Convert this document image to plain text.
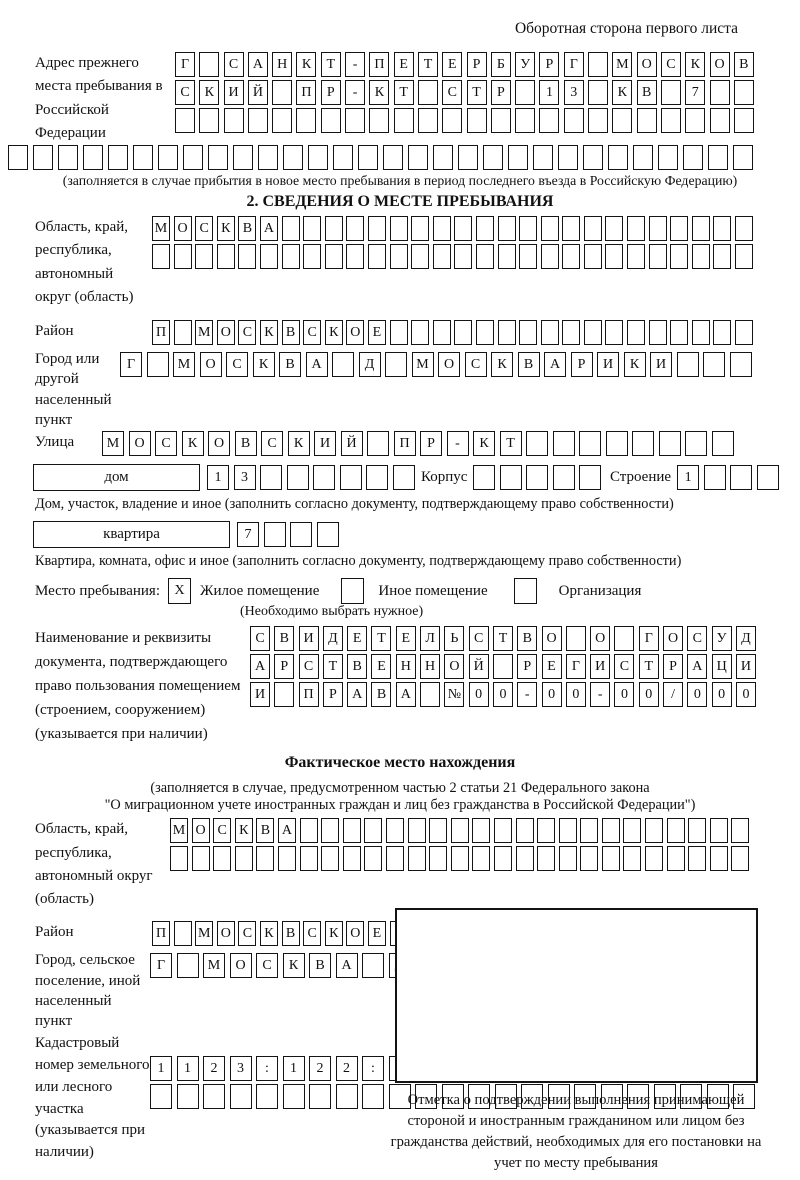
Оборотная сторона первого листа
Адрес прежнего места пребывания в Российской Федерации
Г	С А Н К Т - П Е Т Е Р Б У Р Г	М О С К О В
С К И Й	П Р - К Т	С Т Р	1 3	К В	7
(заполняется в случае прибытия в новое место пребывания в период последнего въезда в Российскую Федерацию)
2. СВЕДЕНИЯ О МЕСТЕ ПРЕБЫВАНИЯ
Область, край, республика, автономный округ (область)
М О С К В А
Район	П М О С К В С К О Е
Город или другой населенный пункт
Г	М О С К В А	Д	М О С К В А Р И К И
Улица	М О С К О В С К И Й	П Р - К Т
дом	1 3	Корпус	Строение 1
Дом, участок, владение и иное (заполнить согласно документу, подтверждающему право собственности)
квартира	7
Квартира, комната, офис и иное (заполнить согласно документу, подтверждающему право собственности)
Место пребывания:	X	Жилое помещение	Иное помещение	Организация
(Необходимо выбрать нужное)
Наименование и реквизиты документа, подтверждающего право пользования помещением (строением, сооружением) (указывается при наличии)
С В И Д Е Т Е Л Ь С Т В О	О	Г О С У Д
А Р С Т В Е Н Н О Й	Р Е Г И С Т Р А Ц И
И	П Р А В А	№ 0 0 - 0 0 - 0 0 / 0 0 0
Фактическое место нахождения
(заполняется в случае, предусмотренном частью 2 статьи 21 Федерального закона
"О миграционном учете иностранных граждан и лиц без гражданства в Российской Федерации")
Область, край, республика, автономный округ (область)
М О С К В А
Район	П М О С К В С К О Е
Город, сельское поселение, иной населенный пункт
Г	М О С К В А
Кадастровый номер земельного или лесного участка (указывается при наличии)
1 1 2 3 : 1 2 2 :
Отметка о подтверждении выполнения принимающей стороной и иностранным гражданином или лицом без гражданства действий, необходимых для его постановки на учет по месту пребывания
